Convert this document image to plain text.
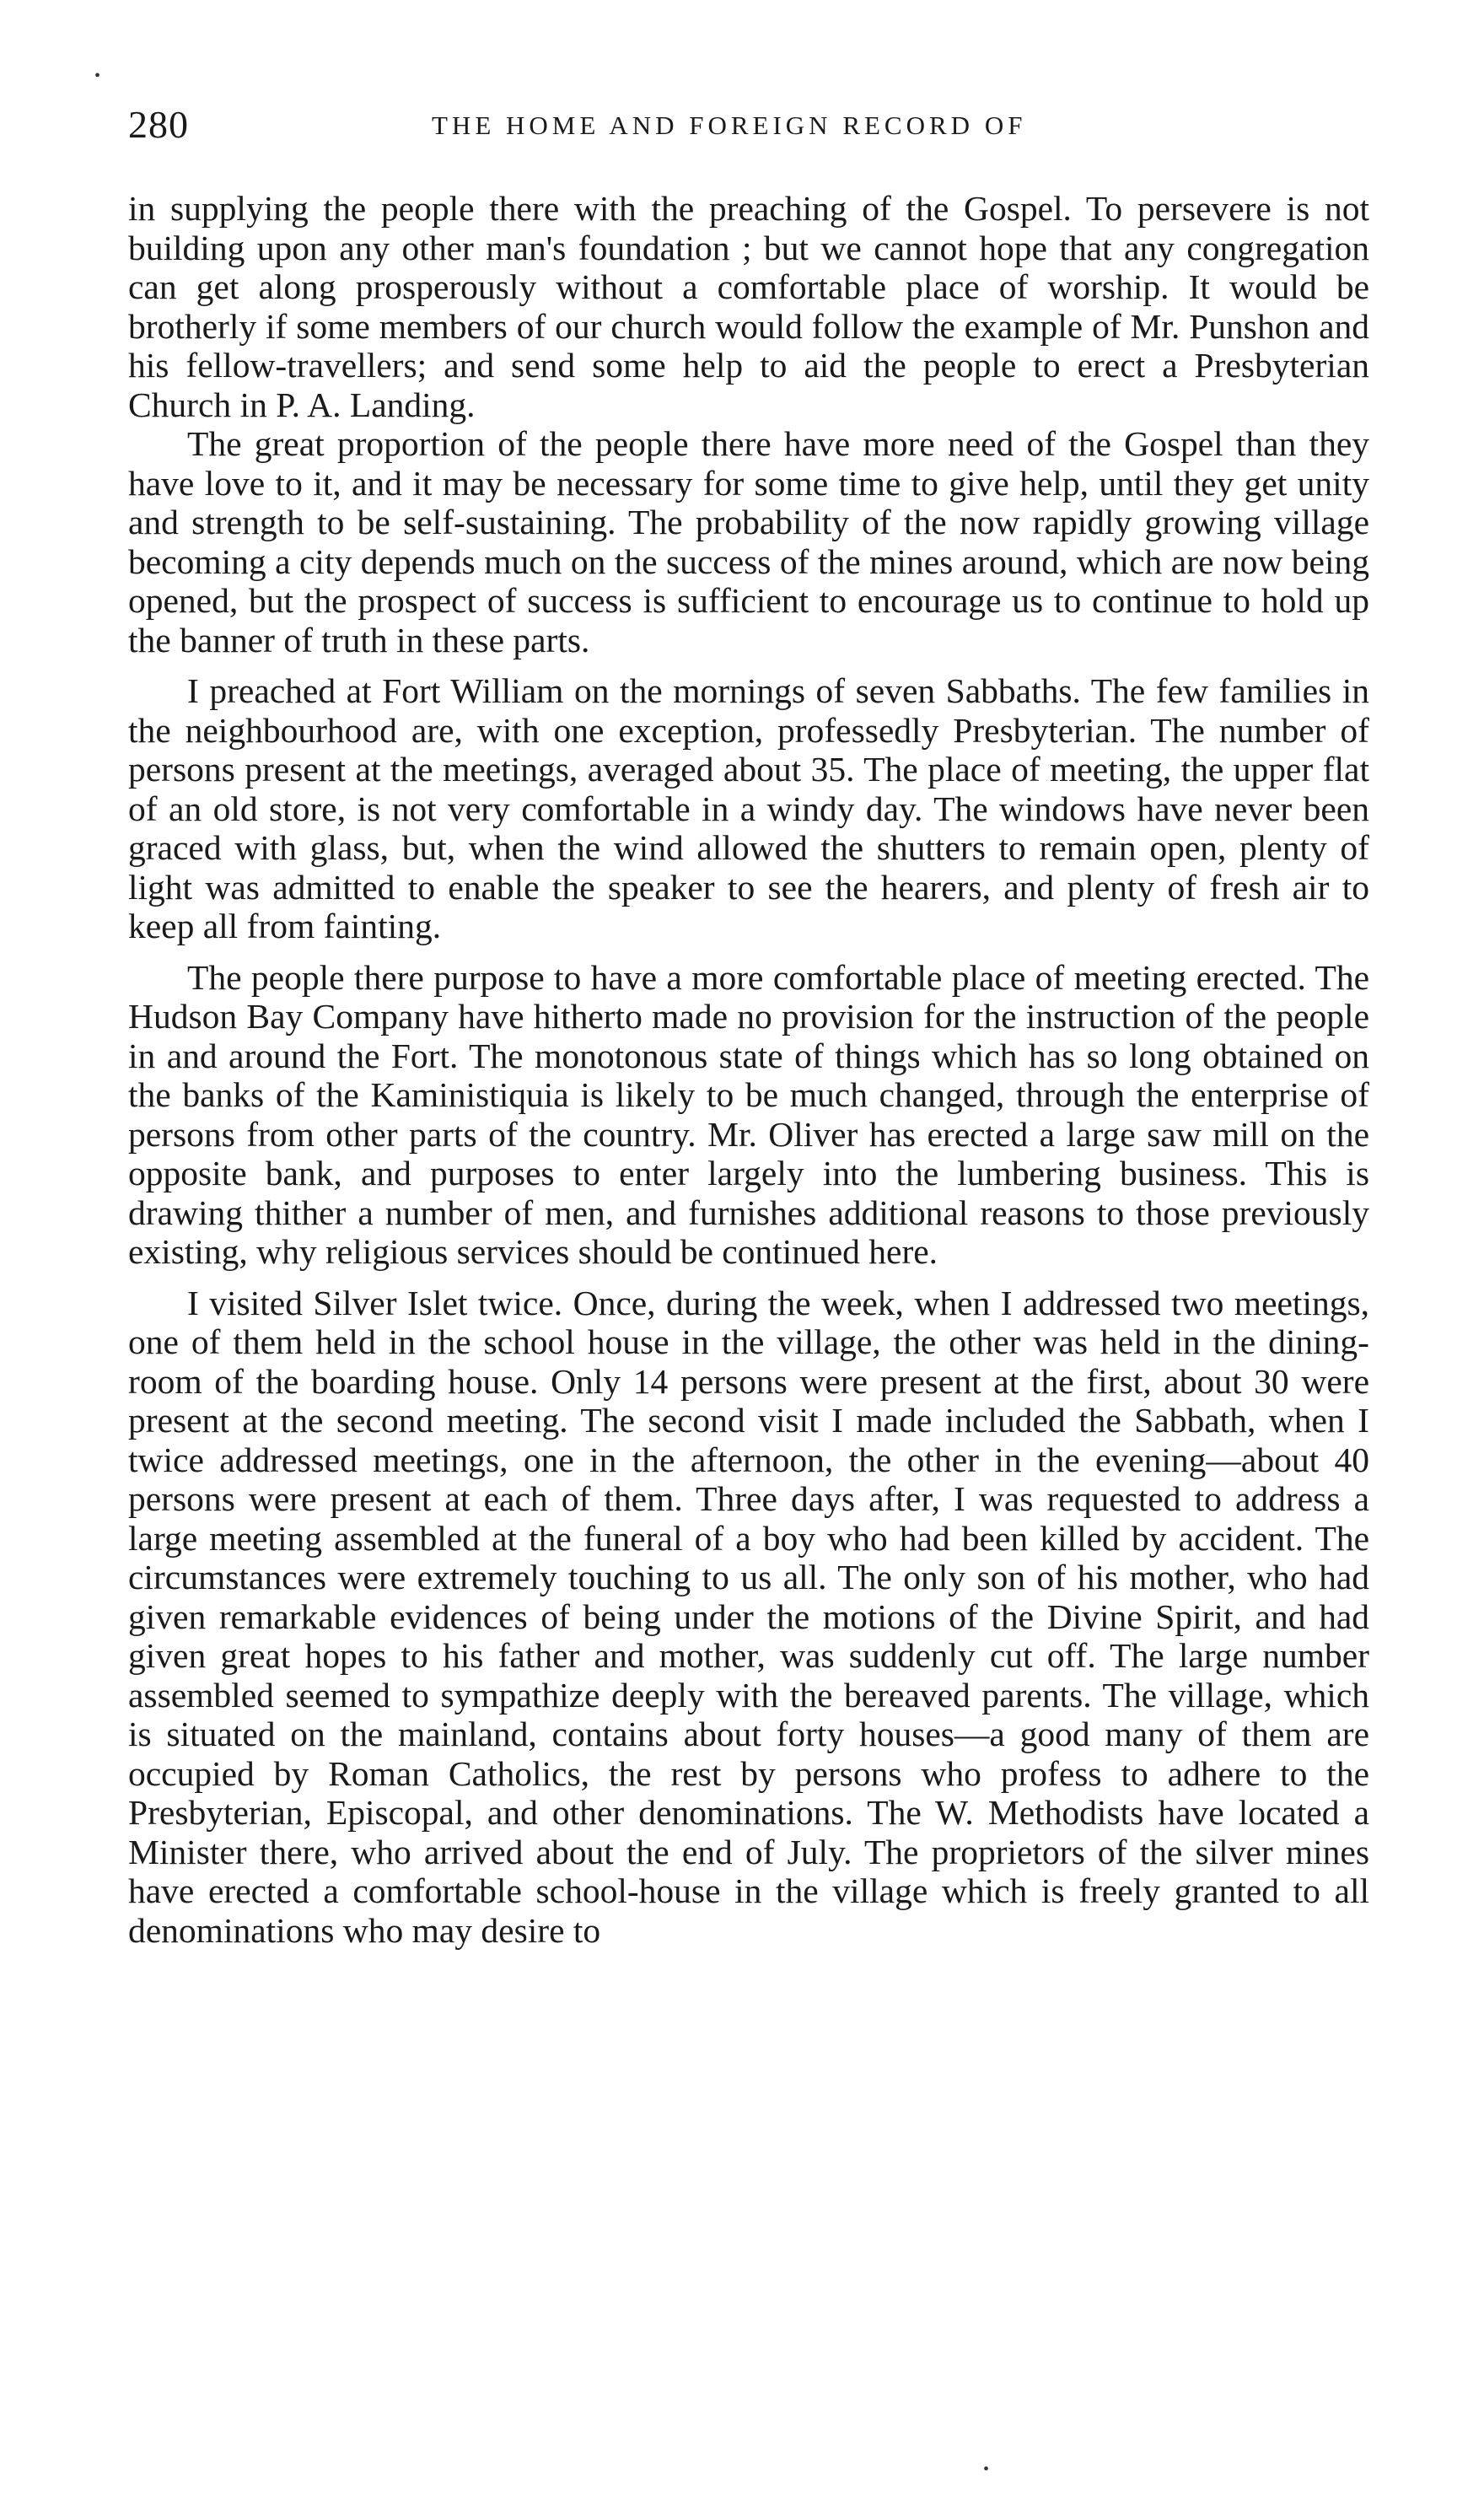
•
280	THE HOME AND FOREIGN RECORD OF

in supplying the people there with the preaching of the Gospel. To persevere is not building upon any other man's foundation ; but we cannot hope that any congregation can get along prosperously without a comfortable place of worship. It would be brotherly if some members of our church would follow the example of Mr. Punshon and his fellow-travellers; and send some help to aid the people to erect a Presbyterian Church in P. A. Landing.

The great proportion of the people there have more need of the Gospel than they have love to it, and it may be necessary for some time to give help, until they get unity and strength to be self-sustaining. The probability of the now rapidly growing village becoming a city depends much on the success of the mines around, which are now being opened, but the prospect of success is sufficient to encourage us to continue to hold up the banner of truth in these parts.

I preached at Fort William on the mornings of seven Sabbaths. The few families in the neighbourhood are, with one exception, professedly Presbyterian. The number of persons present at the meetings, averaged about 35. The place of meeting, the upper flat of an old store, is not very comfortable in a windy day. The windows have never been graced with glass, but, when the wind allowed the shutters to remain open, plenty of light was admitted to enable the speaker to see the hearers, and plenty of fresh air to keep all from fainting.

The people there purpose to have a more comfortable place of meeting erected. The Hudson Bay Company have hitherto made no provision for the instruction of the people in and around the Fort. The monotonous state of things which has so long obtained on the banks of the Kaministiquia is likely to be much changed, through the enterprise of persons from other parts of the country. Mr. Oliver has erected a large saw mill on the opposite bank, and purposes to enter largely into the lumbering business. This is drawing thither a number of men, and furnishes additional reasons to those previously existing, why religious services should be continued here.

I visited Silver Islet twice. Once, during the week, when I addressed two meetings, one of them held in the school house in the village, the other was held in the dining-room of the boarding house. Only 14 persons were present at the first, about 30 were present at the second meeting. The second visit I made included the Sabbath, when I twice addressed meetings, one in the afternoon, the other in the evening—about 40 persons were present at each of them. Three days after, I was requested to address a large meeting assembled at the funeral of a boy who had been killed by accident. The circumstances were extremely touching to us all. The only son of his mother, who had given remarkable evidences of being under the motions of the Divine Spirit, and had given great hopes to his father and mother, was suddenly cut off. The large number assembled seemed to sympathize deeply with the bereaved parents. The village, which is situated on the mainland, contains about forty houses—a good many of them are occupied by Roman Catholics, the rest by persons who profess to adhere to the Presbyterian, Episcopal, and other denominations. The W. Methodists have located a Minister there, who arrived about the end of July. The proprietors of the silver mines have erected a comfortable school-house in the village which is freely granted to all denominations who may desire to

•
